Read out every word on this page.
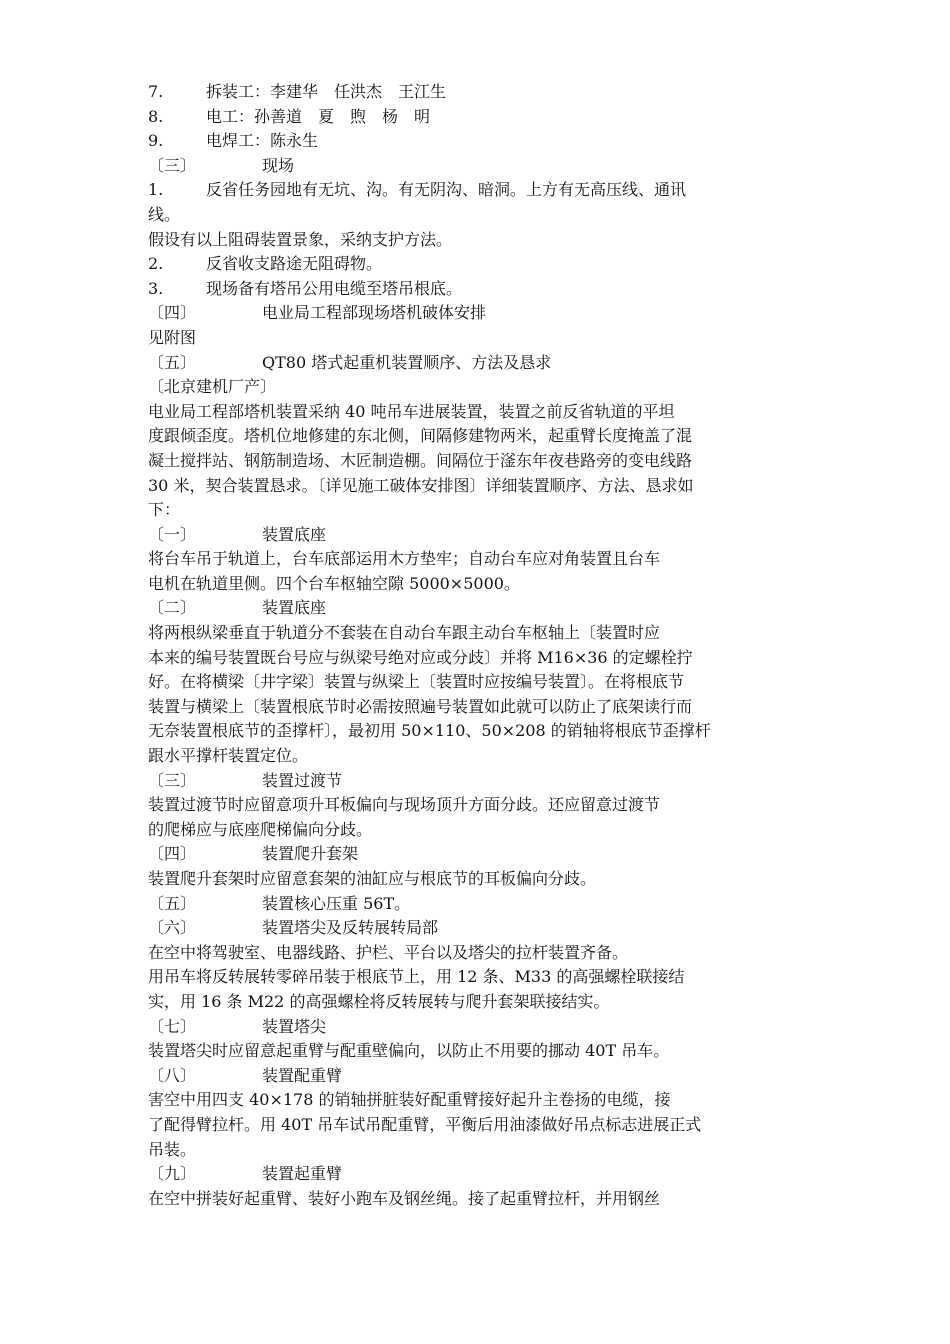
7.	拆装工：李建华　任洪杰　王江生
8.	电工：孙善道　夏　煦　杨　明
9.	电焊工：陈永生
〔三〕	现场
1.	反省任务园地有无坑、沟。有无阴沟、暗洞。上方有无高压线、通讯
线。
假设有以上阻碍装置景象，采纳支护方法。
2.	反省收支路途无阻碍物。
3.	现场备有塔吊公用电缆至塔吊根底。
〔四〕	电业局工程部现场塔机破体安排
见附图
〔五〕	QT80 塔式起重机装置顺序、方法及恳求
〔北京建机厂产〕
电业局工程部塔机装置采纳 40 吨吊车进展装置，装置之前反省轨道的平坦
度跟倾歪度。塔机位地修建的东北侧，间隔修建物两米，起重臂长度掩盖了混
凝土搅拌站、钢筋制造场、木匠制造棚。间隔位于滏东年夜巷路旁的变电线路
30 米，契合装置恳求。〔详见施工破体安排图〕详细装置顺序、方法、恳求如
下：
〔一〕	装置底座
将台车吊于轨道上，台车底部运用木方垫牢；自动台车应对角装置且台车
电机在轨道里侧。四个台车枢轴空隙 5000×5000。
〔二〕	装置底座
将两根纵梁垂直于轨道分不套装在自动台车跟主动台车枢轴上〔装置时应
本来的编号装置既台号应与纵梁号绝对应或分歧〕并将 M16×36 的定螺栓拧
好。在将横梁〔井字梁〕装置与纵梁上〔装置时应按编号装置〕。在将根底节
装置与横梁上〔装置根底节时必需按照遍号装置如此就可以防止了底架读行而
无奈装置根底节的歪撑杆〕，最初用 50×110、50×208 的销轴将根底节歪撑杆
跟水平撑杆装置定位。
〔三〕	装置过渡节
装置过渡节时应留意项升耳板偏向与现场顶升方面分歧。还应留意过渡节
的爬梯应与底座爬梯偏向分歧。
〔四〕	装置爬升套架
装置爬升套架时应留意套架的油缸应与根底节的耳板偏向分歧。
〔五〕	装置核心压重 56T。
〔六〕	装置塔尖及反转展转局部
在空中将驾驶室、电器线路、护栏、平台以及塔尖的拉杆装置齐备。
用吊车将反转展转零碎吊装于根底节上，用 12 条、M33 的高强螺栓联接结
实，用 16 条 M22 的高强螺栓将反转展转与爬升套架联接结实。
〔七〕	装置塔尖
装置塔尖时应留意起重臂与配重壁偏向，以防止不用要的挪动 40T 吊车。
〔八〕	装置配重臂
害空中用四支 40×178 的销轴拼脏装好配重臂接好起升主卷扬的电缆，接
了配得臂拉杆。用 40T 吊车试吊配重臂，平衡后用油漆做好吊点标志进展正式
吊装。
〔九〕	装置起重臂
在空中拼装好起重臂、装好小跑车及钢丝绳。接了起重臂拉杆，并用钢丝
